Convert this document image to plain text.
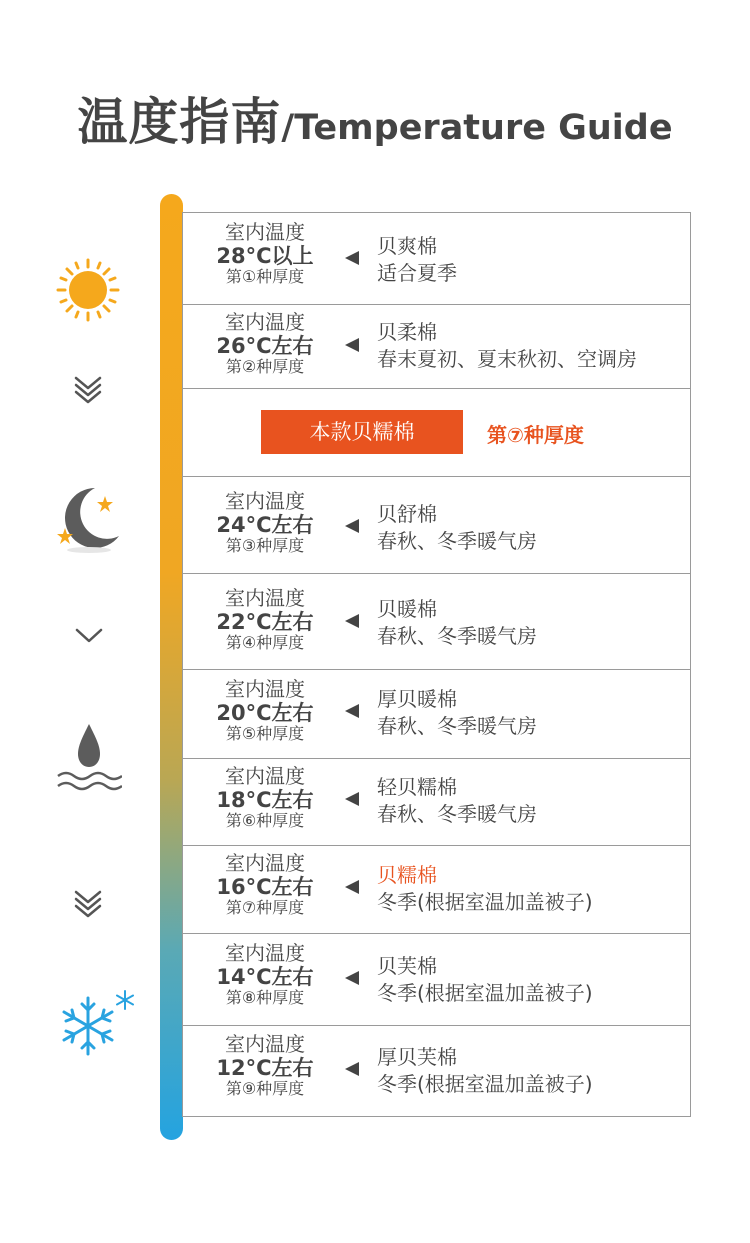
温度指南/Temperature Guide
室内温度
28°C以上
第①种厚度
贝爽棉
适合夏季
室内温度
26°C左右
第②种厚度
贝柔棉
春末夏初、夏末秋初、空调房
本款贝糯棉	第⑦种厚度
室内温度
24°C左右
第③种厚度
贝舒棉
春秋、冬季暖气房
室内温度
22°C左右
第④种厚度
贝暖棉
春秋、冬季暖气房
室内温度
20°C左右
第⑤种厚度
厚贝暖棉
春秋、冬季暖气房
室内温度
18°C左右
第⑥种厚度
轻贝糯棉
春秋、冬季暖气房
室内温度
16°C左右
第⑦种厚度
贝糯棉
冬季(根据室温加盖被子)
室内温度
14°C左右
第⑧种厚度
贝芙棉
冬季(根据室温加盖被子)
室内温度
12°C左右
第⑨种厚度
厚贝芙棉
冬季(根据室温加盖被子)
